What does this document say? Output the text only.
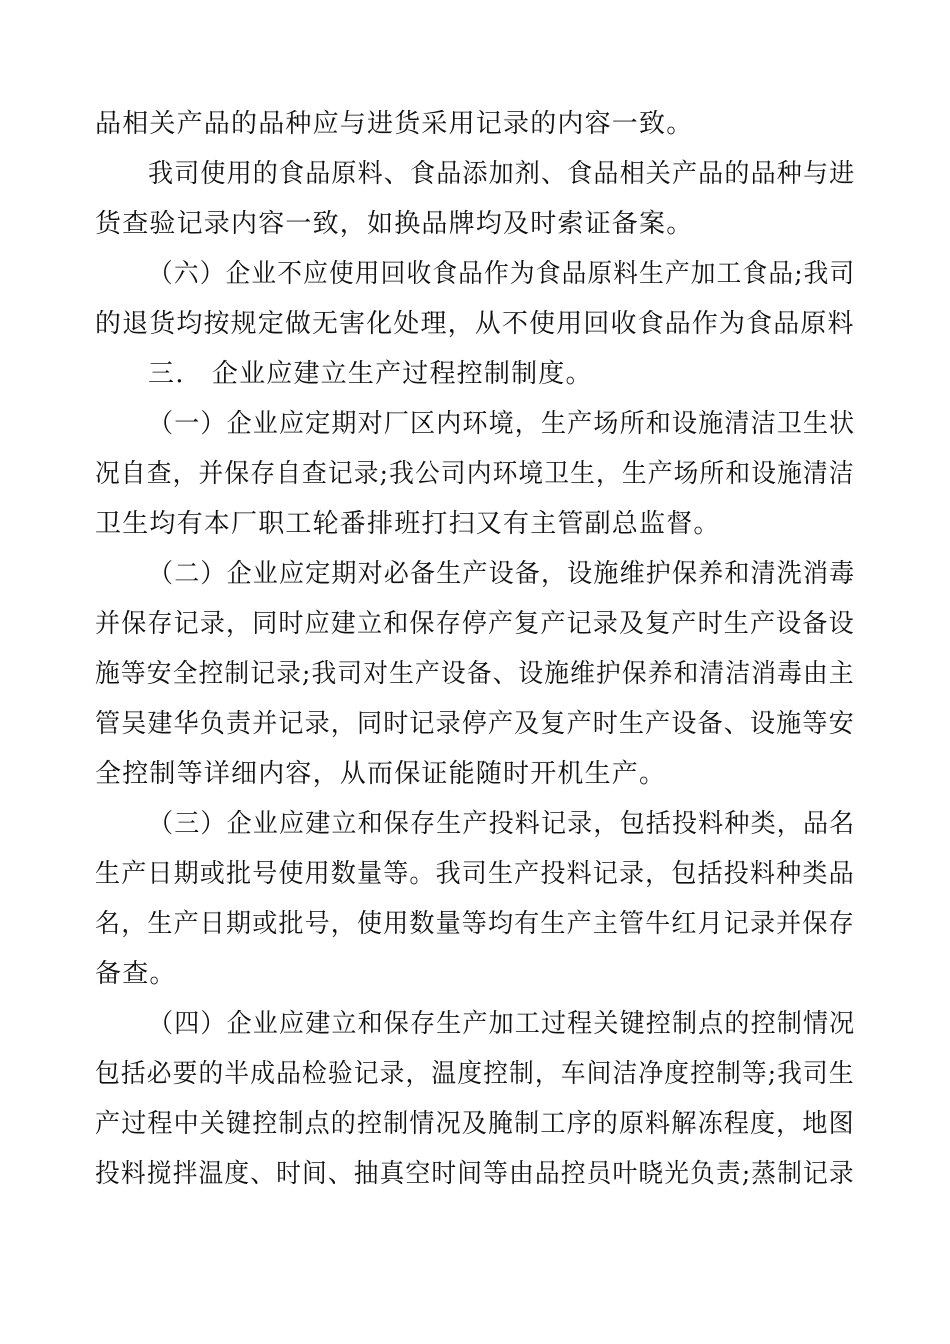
品相关产品的品种应与进货采用记录的内容一致。
我司使用的食品原料、食品添加剂、食品相关产品的品种与进
货查验记录内容一致，如换品牌均及时索证备案。
（六）企业不应使用回收食品作为食品原料生产加工食品;我司
的退货均按规定做无害化处理，从不使用回收食品作为食品原料
三.　企业应建立生产过程控制制度。
（一）企业应定期对厂区内环境，生产场所和设施清洁卫生状
况自查，并保存自查记录;我公司内环境卫生，生产场所和设施清洁
卫生均有本厂职工轮番排班打扫又有主管副总监督。
（二）企业应定期对必备生产设备，设施维护保养和清洗消毒
并保存记录，同时应建立和保存停产复产记录及复产时生产设备设
施等安全控制记录;我司对生产设备、设施维护保养和清洁消毒由主
管吴建华负责并记录，同时记录停产及复产时生产设备、设施等安
全控制等详细内容，从而保证能随时开机生产。
（三）企业应建立和保存生产投料记录，包括投料种类，品名
生产日期或批号使用数量等。我司生产投料记录，包括投料种类品
名，生产日期或批号，使用数量等均有生产主管牛红月记录并保存
备查。
（四）企业应建立和保存生产加工过程关键控制点的控制情况
包括必要的半成品检验记录，温度控制，车间洁净度控制等;我司生
产过程中关键控制点的控制情况及腌制工序的原料解冻程度，地图
投料搅拌温度、时间、抽真空时间等由品控员叶晓光负责;蒸制记录
